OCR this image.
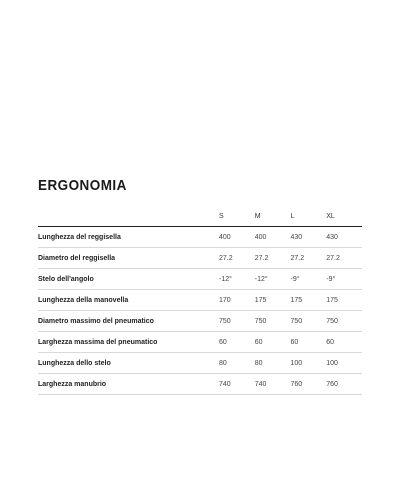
ERGONOMIA
	S	M	L	XL
Lunghezza del reggisella	400	400	430	430
Diametro del reggisella	27.2	27.2	27.2	27.2
Stelo dell'angolo	-12°	-12°	-9°	-9°
Lunghezza della manovella	170	175	175	175
Diametro massimo del pneumatico	750	750	750	750
Larghezza massima del pneumatico	60	60	60	60
Lunghezza dello stelo	80	80	100	100
Larghezza manubrio	740	740	760	760
